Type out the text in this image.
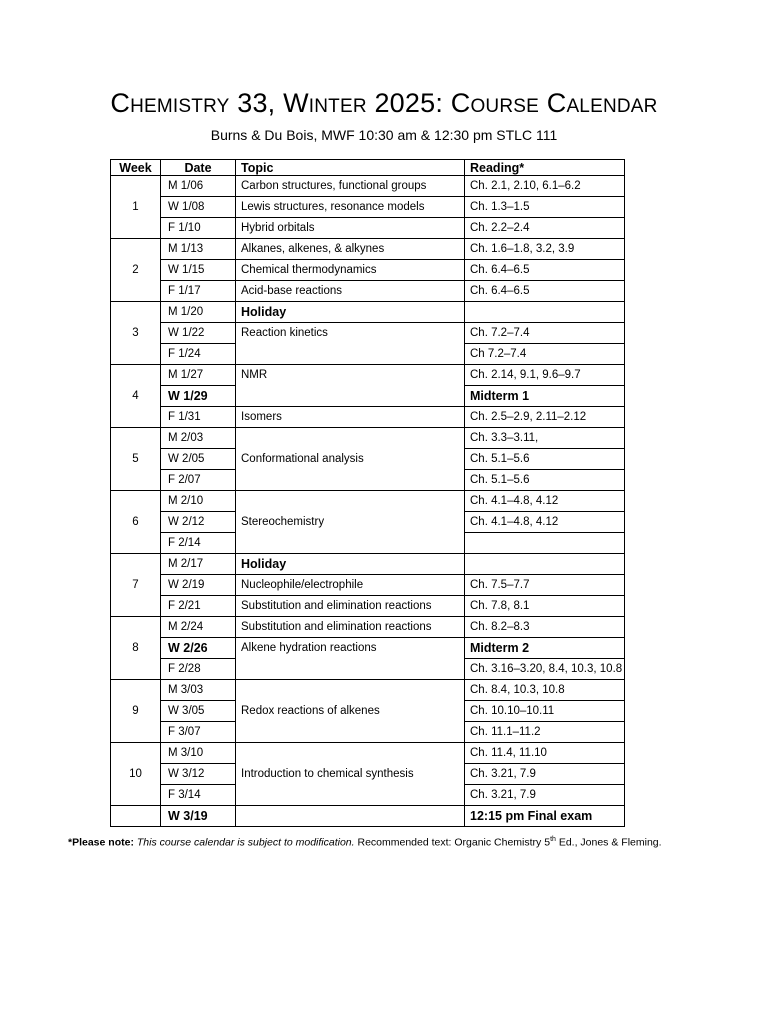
Chemistry 33, Winter 2025: Course Calendar
Burns & Du Bois, MWF 10:30 am & 12:30 pm STLC 111
Week	Date	Topic	Reading*
	M 1/06	Carbon structures, functional groups	Ch. 2.1, 2.10, 6.1–6.2
1	W 1/08	Lewis structures, resonance models	Ch. 1.3–1.5
	F 1/10	Hybrid orbitals	Ch. 2.2–2.4
	M 1/13	Alkanes, alkenes, & alkynes	Ch. 1.6–1.8, 3.2, 3.9
2	W 1/15	Chemical thermodynamics	Ch. 6.4–6.5
	F 1/17	Acid-base reactions	Ch. 6.4–6.5
	M 1/20	Holiday	
3	W 1/22	Reaction kinetics	Ch. 7.2–7.4
	F 1/24		Ch 7.2–7.4
	M 1/27	NMR	Ch. 2.14, 9.1, 9.6–9.7
4	W 1/29		Midterm 1
	F 1/31	Isomers	Ch. 2.5–2.9, 2.11–2.12
	M 2/03		Ch. 3.3–3.11,
5	W 2/05	Conformational analysis	Ch. 5.1–5.6
	F 2/07		Ch. 5.1–5.6
	M 2/10		Ch. 4.1–4.8, 4.12
6	W 2/12	Stereochemistry	Ch. 4.1–4.8, 4.12
	F 2/14		
	M 2/17	Holiday	
7	W 2/19	Nucleophile/electrophile	Ch. 7.5–7.7
	F 2/21	Substitution and elimination reactions	Ch. 7.8, 8.1
	M 2/24	Substitution and elimination reactions	Ch. 8.2–8.3
8	W 2/26	Alkene hydration reactions	Midterm 2
	F 2/28		Ch. 3.16–3.20, 8.4, 10.3, 10.8
	M 3/03		Ch. 8.4, 10.3, 10.8
9	W 3/05	Redox reactions of alkenes	Ch. 10.10–10.11
	F 3/07		Ch. 11.1–11.2
	M 3/10		Ch. 11.4, 11.10
10	W 3/12	Introduction to chemical synthesis	Ch. 3.21, 7.9
	F 3/14		Ch. 3.21, 7.9
	W 3/19		12:15 pm Final exam
*Please note: This course calendar is subject to modification. Recommended text: Organic Chemistry 5th Ed., Jones & Fleming.
